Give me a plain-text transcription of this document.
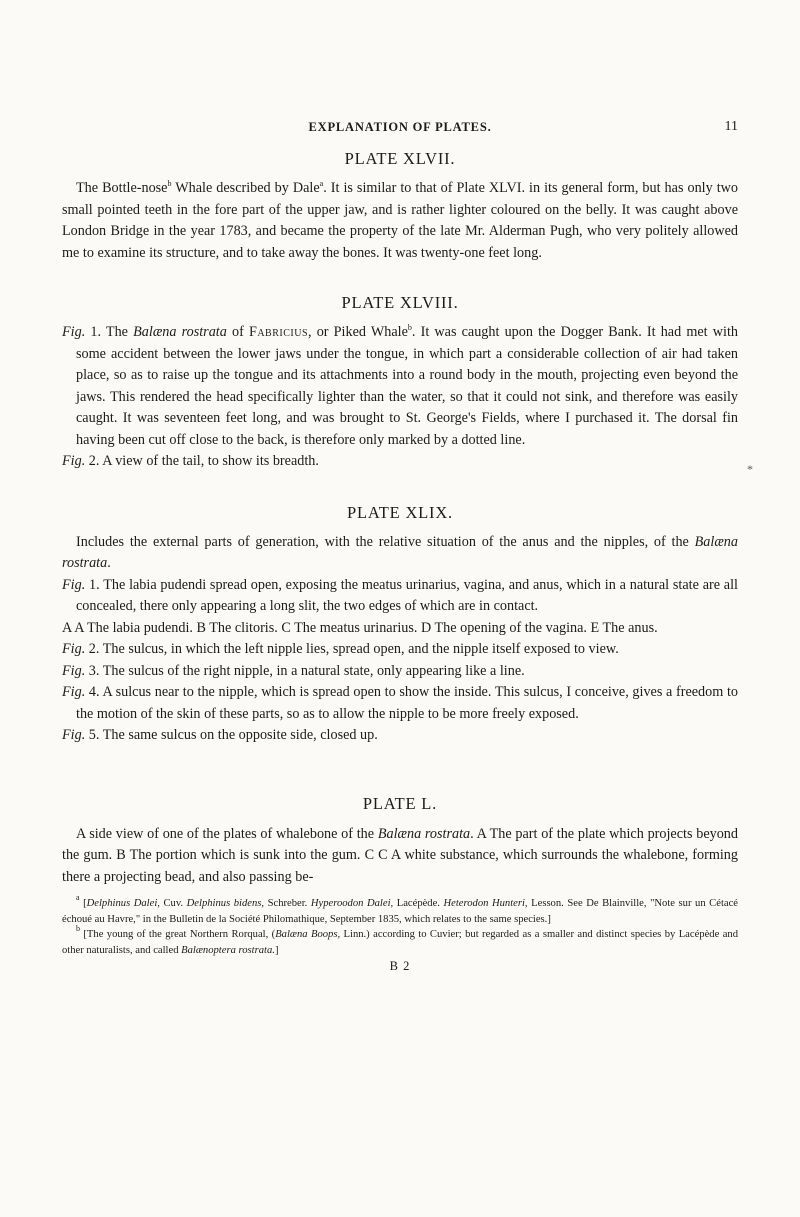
EXPLANATION OF PLATES.	11
PLATE XLVII.

The Bottle-nose$^b$ Whale described by Dale$^a$. It is similar to that of Plate XLVI. in its general form, but has only two small pointed teeth in the fore part of the upper jaw, and is rather lighter coloured on the belly. It was caught above London Bridge in the year 1783, and became the property of the late Mr. Alderman Pugh, who very politely allowed me to examine its structure, and to take away the bones. It was twenty-one feet long.

PLATE XLVIII.

Fig. 1. The Balæna rostrata of Fabricius, or Piked Whale$^b$. It was caught upon the Dogger Bank. It had met with some accident between the lower jaws under the tongue, in which part a considerable collection of air had taken place, so as to raise up the tongue and its attachments into a round body in the mouth, projecting even beyond the jaws. This rendered the head specifically lighter than the water, so that it could not sink, and therefore was easily caught. It was seventeen feet long, and was brought to St. George's Fields, where I purchased it. The dorsal fin having been cut off close to the back, is therefore only marked by a dotted line.

Fig. 2. A view of the tail, to show its breadth.

PLATE XLIX.

Includes the external parts of generation, with the relative situation of the anus and the nipples, of the Balæna rostrata.

Fig. 1. The labia pudendi spread open, exposing the meatus urinarius, vagina, and anus, which in a natural state are all concealed, there only appearing a long slit, the two edges of which are in contact.

A A The labia pudendi. B The clitoris. C The meatus urinarius. D The opening of the vagina. E The anus.

Fig. 2. The sulcus, in which the left nipple lies, spread open, and the nipple itself exposed to view.

Fig. 3. The sulcus of the right nipple, in a natural state, only appearing like a line.

Fig. 4. A sulcus near to the nipple, which is spread open to show the inside. This sulcus, I conceive, gives a freedom to the motion of the skin of these parts, so as to allow the nipple to be more freely exposed.

Fig. 5. The same sulcus on the opposite side, closed up.

PLATE L.

A side view of one of the plates of whalebone of the Balæna rostrata. A The part of the plate which projects beyond the gum. B The portion which is sunk into the gum. C C A white substance, which surrounds the whalebone, forming there a projecting bead, and also passing be-

$^a$ [Delphinus Dalei, Cuv. Delphinus bidens, Schreber. Hyperoodon Dalei, Lacépède. Heterodon Hunteri, Lesson. See De Blainville, "Note sur un Cétacé échoué au Havre," in the Bulletin de la Société Philomathique, September 1835, which relates to the same species.]

$^b$ [The young of the great Northern Rorqual, (Balæna Boops, Linn.) according to Cuvier; but regarded as a smaller and distinct species by Lacépède and other naturalists, and called Balænoptera rostrata.]

B 2
*
